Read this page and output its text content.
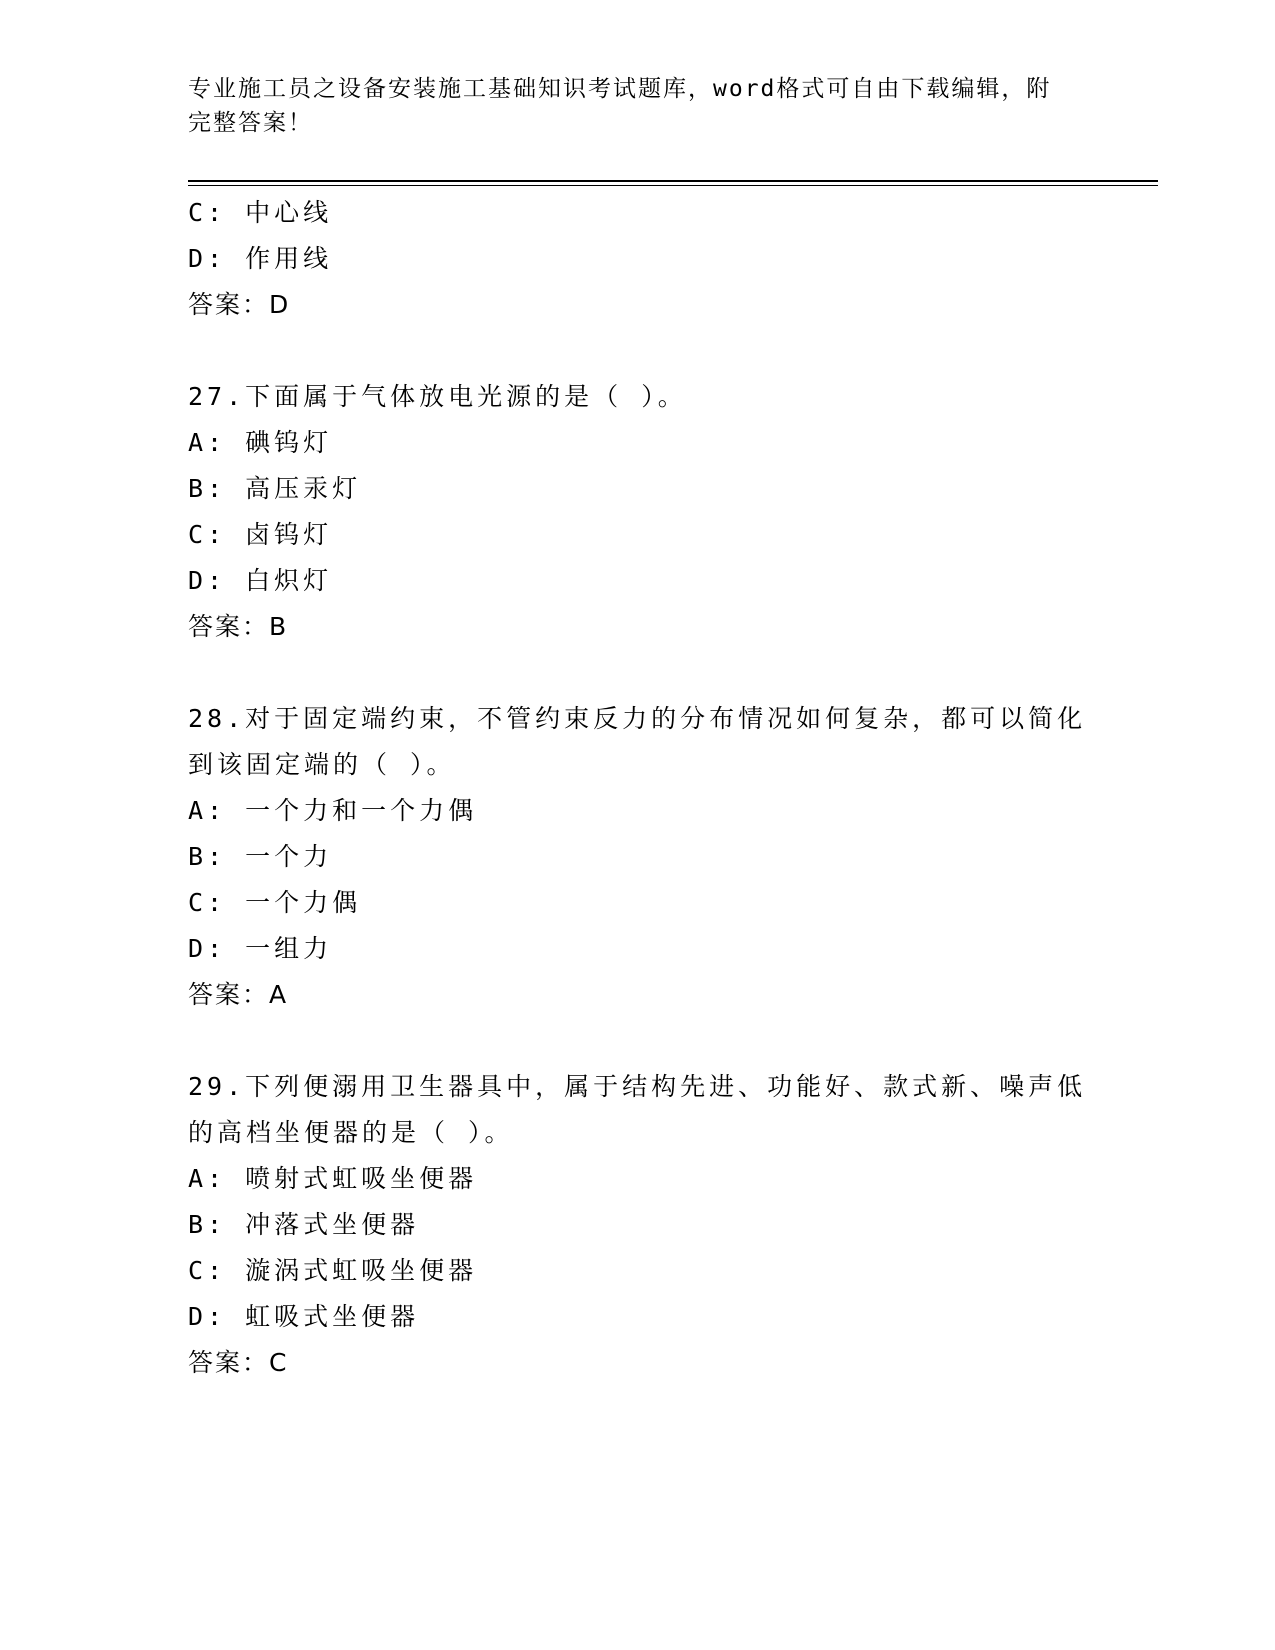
专业施工员之设备安装施工基础知识考试题库，word格式可自由下载编辑，附完整答案！
C: 中心线
D: 作用线
答案：D
27.下面属于气体放电光源的是（ ）。
A: 碘钨灯
B: 高压汞灯
C: 卤钨灯
D: 白炽灯
答案：B
28.对于固定端约束，不管约束反力的分布情况如何复杂，都可以简化
到该固定端的（ ）。
A: 一个力和一个力偶
B: 一个力
C: 一个力偶
D: 一组力
答案：A
29.下列便溺用卫生器具中，属于结构先进、功能好、款式新、噪声低
的高档坐便器的是（ ）。
A: 喷射式虹吸坐便器
B: 冲落式坐便器
C: 漩涡式虹吸坐便器
D: 虹吸式坐便器
答案：C
